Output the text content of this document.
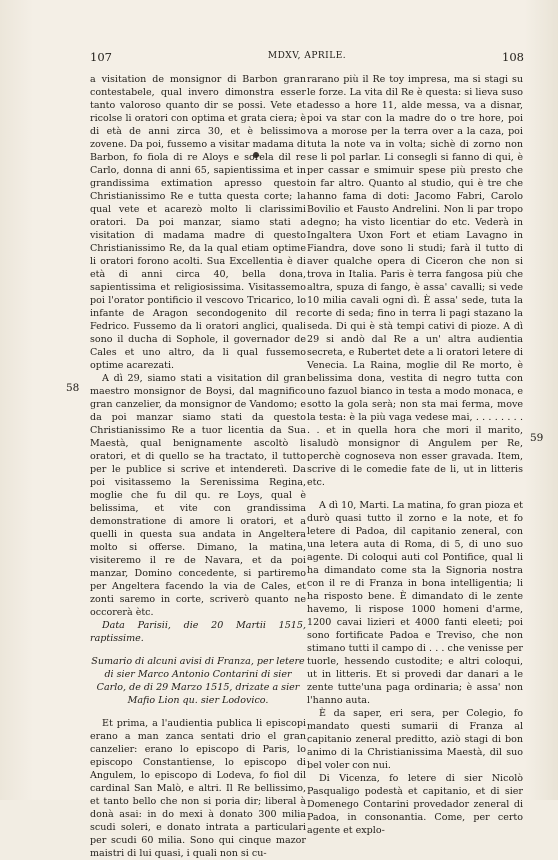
107	MDXV, APRILE.	108
58
59

a visitation de monsignor di Barbon gran contestabele, qual invero dimonstra esser tanto valoroso quanto dir se possi. Vete et ricolse li oratori con optima et grata ciera; è di età de anni zirca 30, et è belissimo zovene. Da poi, fussemo a visitar madama di Barbon, fo fiola di re Aloys e sorela dil re Carlo, donna di anni 65, sapientissima et in grandissima extimation apresso questo Christianissimo Re e tutta questa corte; la qual vete et acarezò molto li clarissimi oratori. Da poi manzar, siamo stati a visitation di madama madre di questo Christianissimo Re, da la qual etiam optime li oratori forono acolti. Sua Excellentia è di età di anni circa 40, bella dona, sapientissima et religiosissima. Visitassemo poi l'orator pontificio il vescovo Tricarico, lo infante de Aragon secondogenito dil re Fedrico. Fussemo da li oratori anglici, quali sono il ducha di Sophole, il governador de Cales et uno altro, da li qual fussemo optime acarezati.

A dì 29, siamo stati a visitation dil gran maestro monsignor de Boysi, dal magnifico gran canzelier, da monsignor de Vandomo; e da poi manzar siamo stati da questo Christianissimo Re a tuor licentia da Sua Maestà, qual benignamente ascoltò li oratori, et di quello se ha tractato, il tutto per le publice si scrive et intenderetì. Da poi visitassemo la Serenissima Regina, moglie che fu dil qu. re Loys, qual è belissima, et vite con grandissima demonstratione di amore li oratori, et a quelli in questa sua andata in Angeltera molto si offerse. Dimano, la matina, visiteremo il re de Navara, et da poi manzar, Domino concedente, si partiremo per Angeltera facendo la via de Cales, et zonti saremo in corte, scriverò quanto ne occorerà ètc.

Data Parisii, die 20 Martii 1515, raptissime.

Sumario di alcuni avisi di Franza, per letere di sier Marco Antonio Contarini di sier Carlo, de di 29 Marzo 1515, drizate a sier Mafio Lion qu. sier Lodovico.

Et prima, a l'audientia publica li episcopi erano a man zanca sentati drio el gran canzelier: erano lo episcopo di Paris, lo episcopo Constantiense, lo episcopo di Angulem, lo episcopo di Lodeva, fo fiol dil cardinal San Malò, e altri. Il Re bellissimo, et tanto bello che non si poria dir; liberal à donà asai: in do mexi à donato 300 milia scudi soleri, e donato intrata a particulari per scudi 60 milia. Sono qui cinque mazor maistri di lui quasi, i quali non si cu-

rarano più il Re toy impresa, ma si stagi su le forze. La vita dil Re è questa: si lieva suso adesso a hore 11, alde messa, va a disnar, poi va star con la madre do o tre hore, poi va a morose per la terra over a la caza, poi tuta la note va in volta; sichè di zorno non se li pol parlar. Li consegli si fanno di qui, è per cassar e smimuir spese più presto che in far altro. Quanto al studio, qui è tre che hanno fama di doti: Jacomo Fabri, Carolo Bovilio et Fausto Andrelini. Non li par tropo degno; ha visto licentiar do etc. Vederà in Ingaltera Uxon Fort et etiam Lavagno in Fiandra, dove sono li studi; farà il tutto di aver qualche opera di Ciceron che non si trova in Italia. Paris è terra fangosa più che altra, spuza di fango, è assa' cavalli; si vede 10 milia cavali ogni dì. È assa' sede, tuta la corte di seda; fino in terra li pagi stazano la seda. Di qui è stà tempi cativi di pioze. A dì 29 si andò dal Re a un' altra audientia secreta, e Rubertet dete a li oratori letere di Venecia. La Raina, moglie dil Re morto, è belissima dona, vestita di negro tutta con uno fazuol bianco in testa a modo monaca, e sotto la gola serà; non sta mai ferma, move la testa: è la più vaga vedese mai, . . . . . . . . . . et in quella hora che mori il marito, saludò monsignor di Angulem per Re, perchè cognoseva non esser gravada. Item, scrive di le comedie fate de li, ut in litteris etc.

A dì 10, Marti. La matina, fo gran pioza et durò quasi tutto il zorno e la note, et fo letere di Padoa, dil capitanio zeneral, con una letera auta di Roma, di 5, di uno suo agente. Di coloqui auti col Pontifice, qual li ha dimandato come sta la Signoria nostra con il re di Franza in bona intelligentia; li ha risposto bene. È dimandato di le zente havemo, li rispose 1000 homeni d'arme, 1200 cavai lizieri et 4000 fanti eleeti; poi sono fortificate Padoa e Treviso, che non stimano tutti il campo di . . . che venisse per tuorle, hessendo custodite; e altri coloqui, ut in litteris. Et si provedi dar danari a le zente tutte'una paga ordinaria; è assa' non l'hanno auta.

È da saper, eri sera, per Colegio, fo mandato questi sumarii di Franza al capitanio zeneral preditto, aziò stagi di bon animo di la Christianissima Maestà, dil suo bel voler con nui.

Di Vicenza, fo letere di sier Nicolò Pasqualigo podestà et capitanio, et di sier Domenego Contarini provedador zeneral di Padoa, in consonantia. Come, per certo agente et explo-
